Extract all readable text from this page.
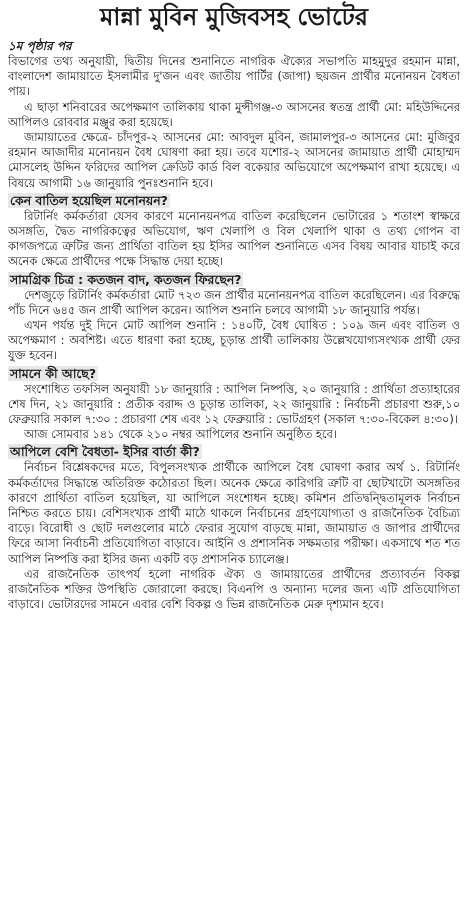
মান্না মুবিন মুজিবসহ ভোটের
১ম পৃষ্ঠার পর

বিভাগের তথ্য অনুযায়ী, দ্বিতীয় দিনের শুনানিতে নাগরিক ঐক্যের সভাপতি মাহমুদুর রহমান মান্না, বাংলাদেশ জামায়াতে ইসলামীর দু'জন এবং জাতীয় পার্টির (জাপা) ছয়জন প্রার্থীর মনোনয়ন বৈধতা পায়।

এ ছাড়া শনিবারের অপেক্ষমাণ তালিকায় থাকা মুন্সীগঞ্জ-৩ আসনের স্বতন্ত্র প্রার্থী মো: মহিউদ্দিনের আপিলও রোববার মঞ্জুর করা হয়েছে।

জামায়াতের ক্ষেত্রে- চাঁদপুর-২ আসনের মো: আবদুল মুবিন, জামালপুর-৩ আসনের মো: মুজিবুর রহমান আজাদীর মনোনয়ন বৈধ ঘোষণা করা হয়। তবে যশোর-২ আসনের জামায়াত প্রার্থী মোহাম্মদ মোসলেহ উদ্দিন ফরিদের আপিল ক্রেডিট কার্ড বিল বকেয়ার অভিযোগে অপেক্ষমাণ রাখা হয়েছে। এ বিষয়ে আগামী ১৬ জানুয়ারি পুনঃশুনানি হবে।

কেন বাতিল হয়েছিল মনোনয়ন?

রিটার্নিং কর্মকর্তারা যেসব কারণে মনোনয়নপত্র বাতিল করেছিলেন ভোটারের ১ শতাংশ স্বাক্ষরে অসঙ্গতি, দ্বৈত নাগরিকত্বের অভিযোগ, ঋণ খেলাপি ও বিল খেলাপি থাকা ও তথ্য গোপন বা কাগজপত্রে ত্রুটির জন্য প্রার্থিতা বাতিল হয় ইসির আপিল শুনানিতে এসব বিষয় আবার যাচাই করে অনেক ক্ষেত্রে প্রার্থীদের পক্ষে সিদ্ধান্ত দেয়া হচ্ছে।

সামগ্রিক চিত্র : কতজন বাদ, কতজন ফিরছেন?

দেশজুড়ে রিটার্নিং কর্মকর্তারা মোট ৭২৩ জন প্রার্থীর মনোনয়নপত্র বাতিল করেছিলেন। এর বিরুদ্ধে পাঁচ দিনে ৬৪৫ জন প্রার্থী আপিল করেন। আপিল শুনানি চলবে আগামী ১৮ জানুয়ারি পর্যন্ত।

এখন পর্যন্ত দুই দিনে মোট আপিল শুনানি : ১৪০টি, বৈধ ঘোষিত : ১০৯ জন এবং বাতিল ও অপেক্ষমাণ : অবশিষ্ট। এতে ধারণা করা হচ্ছে, চূড়ান্ত প্রার্থী তালিকায় উল্লেখযোগ্যসংখ্যক প্রার্থী ফের যুক্ত হবেন।

সামনে কী আছে?

সংশোধিত তফসিল অনুযায়ী ১৮ জানুয়ারি : আপিল নিষ্পত্তি, ২০ জানুয়ারি : প্রার্থিতা প্রত্যাহারের শেষ দিন, ২১ জানুয়ারি : প্রতীক বরাদ্দ ও চূড়ান্ত তালিকা, ২২ জানুয়ারি : নির্বাচনী প্রচারণা শুরু,১০ ফেব্রুয়ারি সকাল ৭:৩০ : প্রচারণা শেষ এবং ১২ ফেব্রুয়ারি : ভোটগ্রহণ (সকাল ৭:৩০-বিকেল ৪:৩০)।

আজ সোমবার ১৪১ থেকে ২১০ নম্বর আপিলের শুনানি অনুষ্ঠিত হবে।

আপিলে বেশি বৈধতা- ইসির বার্তা কী?

নির্বাচন বিশ্লেষকদের মতে, বিপুলসংখ্যক প্রার্থীকে আপিলে বৈধ ঘোষণা করার অর্থ ১. রিটার্নিং কর্মকর্তাদের সিদ্ধান্তে অতিরিক্ত কঠোরতা ছিল। অনেক ক্ষেত্রে কারিগরি ত্রুটি বা ছোটখাটো অসঙ্গতির কারণে প্রার্থিতা বাতিল হয়েছিল, যা আপিলে সংশোধন হচ্ছে। কমিশন প্রতিদ্বন্দ্বিতামূলক নির্বাচন নিশ্চিত করতে চায়। বেশিসংখ্যক প্রার্থী মাঠে থাকলে নির্বাচনের গ্রহণযোগ্যতা ও রাজনৈতিক বৈচিত্র্য বাড়ে। বিরোধী ও ছোট দলগুলোর মাঠে ফেরার সুযোগ বাড়ছে মান্না, জামায়াত ও জাপার প্রার্থীদের ফিরে আসা নির্বাচনী প্রতিযোগিতা বাড়াবে। আইনি ও প্রশাসনিক সক্ষমতার পরীক্ষা। একসাথে শত শত আপিল নিষ্পত্তি করা ইসির জন্য একটি বড় প্রশাসনিক চ্যালেঞ্জ।

এর রাজনৈতিক তাৎপর্য হলো নাগরিক ঐক্য ও জামায়াতের প্রার্থীদের প্রত্যাবর্তন বিকল্প রাজনৈতিক শক্তির উপস্থিতি জোরালো করছে। বিএনপি ও অন্যান্য দলের জন্য এটি প্রতিযোগিতা বাড়াবে। ভোটারদের সামনে এবার বেশি বিকল্প ও ভিন্ন রাজনৈতিক মেরু দৃশ্যমান হবে।
